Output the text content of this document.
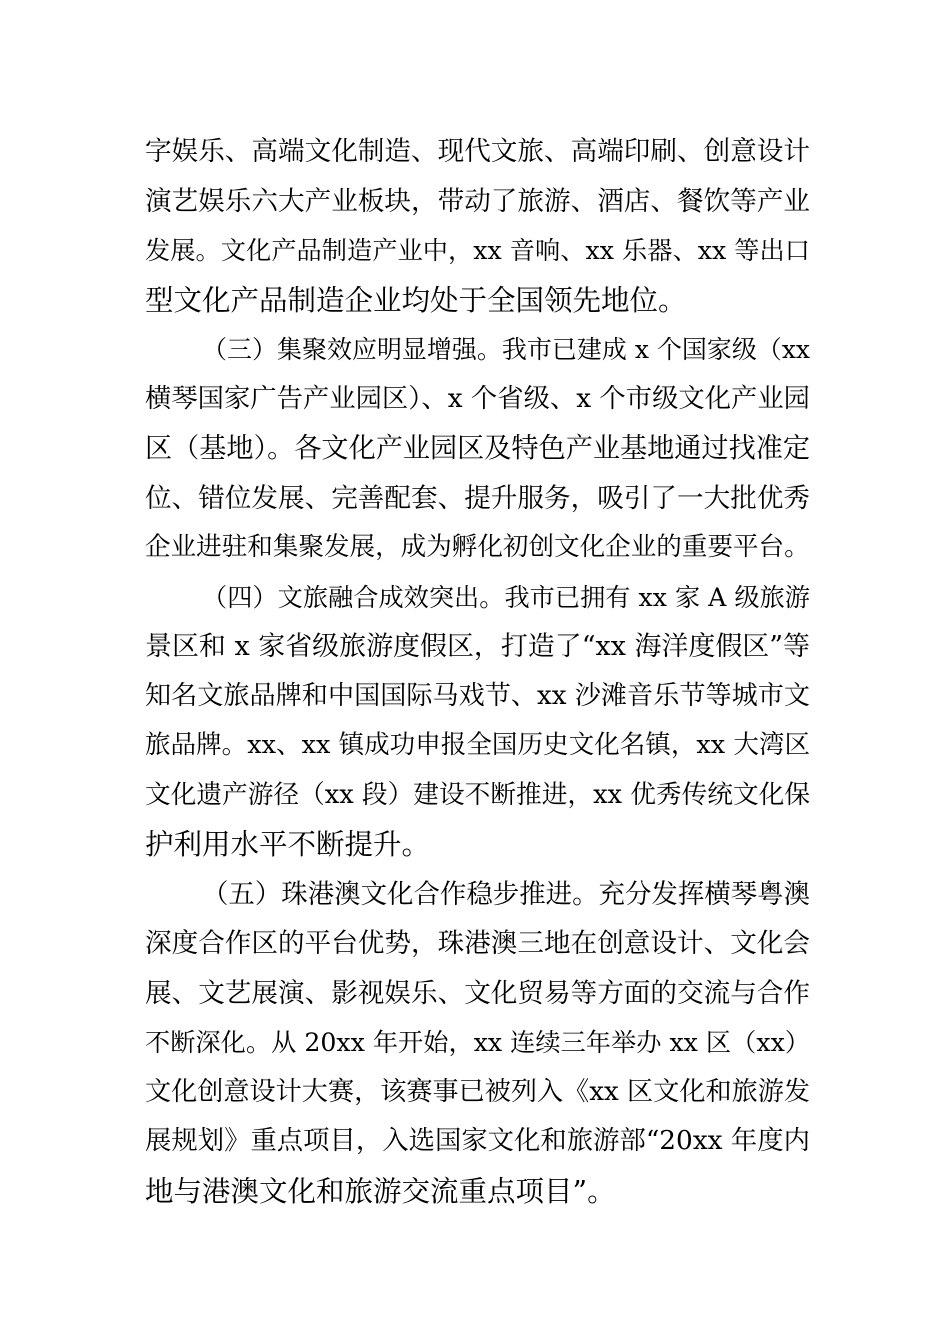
字娱乐、高端文化制造、现代文旅、高端印刷、创意设计
演艺娱乐六大产业板块，带动了旅游、酒店、餐饮等产业
发展。文化产品制造产业中，xx 音响、xx 乐器、xx 等出口
型文化产品制造企业均处于全国领先地位。
（三）集聚效应明显增强。我市已建成 x 个国家级（xx
横琴国家广告产业园区）、x 个省级、x 个市级文化产业园
区（基地）。各文化产业园区及特色产业基地通过找准定
位、错位发展、完善配套、提升服务，吸引了一大批优秀
企业进驻和集聚发展，成为孵化初创文化企业的重要平台。
（四）文旅融合成效突出。我市已拥有 xx 家 A 级旅游
景区和 x 家省级旅游度假区，打造了“xx 海洋度假区”等
知名文旅品牌和中国国际马戏节、xx 沙滩音乐节等城市文
旅品牌。xx、xx 镇成功申报全国历史文化名镇，xx 大湾区
文化遗产游径（xx 段）建设不断推进，xx 优秀传统文化保
护利用水平不断提升。
（五）珠港澳文化合作稳步推进。充分发挥横琴粤澳
深度合作区的平台优势，珠港澳三地在创意设计、文化会
展、文艺展演、影视娱乐、文化贸易等方面的交流与合作
不断深化。从 20xx 年开始，xx 连续三年举办 xx 区（xx）
文化创意设计大赛，该赛事已被列入《xx 区文化和旅游发
展规划》重点项目，入选国家文化和旅游部“20xx 年度内
地与港澳文化和旅游交流重点项目”。
